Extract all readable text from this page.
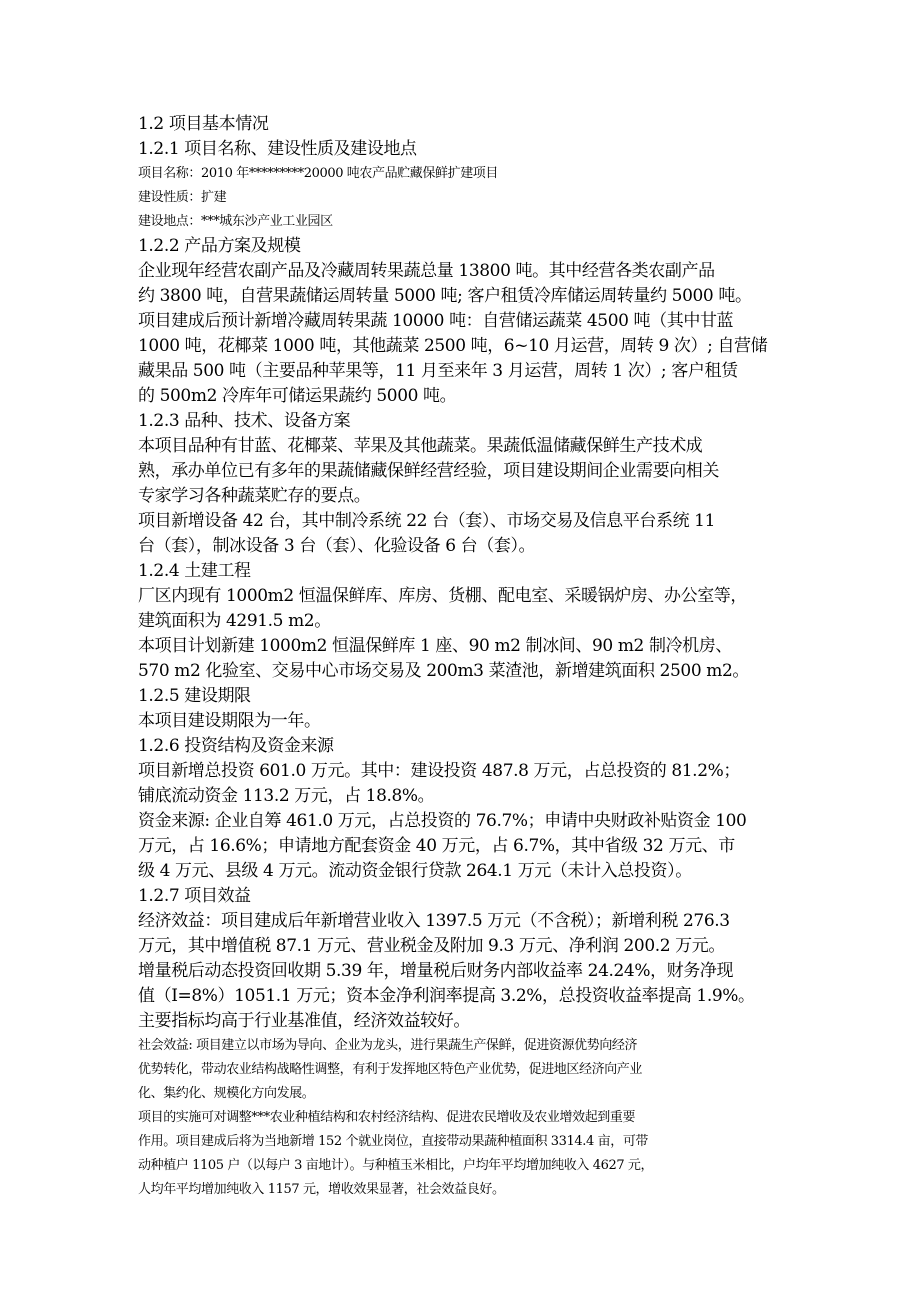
1.2 项目基本情况

1.2.1 项目名称、建设性质及建设地点

项目名称：2010 年*********20000 吨农产品贮藏保鲜扩建项目

建设性质：扩建

建设地点：***城东沙产业工业园区

1.2.2 产品方案及规模

企业现年经营农副产品及冷藏周转果蔬总量 13800 吨。其中经营各类农副产品

约 3800 吨，自营果蔬储运周转量 5000 吨; 客户租赁冷库储运周转量约 5000 吨。

项目建成后预计新增冷藏周转果蔬 10000 吨：自营储运蔬菜 4500 吨（其中甘蓝

1000 吨，花椰菜 1000 吨，其他蔬菜 2500 吨，6~10 月运营，周转 9 次）; 自营储

藏果品 500 吨（主要品种苹果等，11 月至来年 3 月运营，周转 1 次）; 客户租赁

的 500m2 冷库年可储运果蔬约 5000 吨。

1.2.3 品种、技术、设备方案

本项目品种有甘蓝、花椰菜、苹果及其他蔬菜。果蔬低温储藏保鲜生产技术成

熟，承办单位已有多年的果蔬储藏保鲜经营经验，项目建设期间企业需要向相关

专家学习各种蔬菜贮存的要点。

项目新增设备 42 台，其中制冷系统 22 台（套）、市场交易及信息平台系统 11

台（套），制冰设备 3 台（套）、化验设备 6 台（套）。

1.2.4 土建工程

厂区内现有 1000m2 恒温保鲜库、库房、货棚、配电室、采暖锅炉房、办公室等，

建筑面积为 4291.5 m2。

本项目计划新建 1000m2 恒温保鲜库 1 座、90 m2 制冰间、90 m2 制冷机房、

570 m2 化验室、交易中心市场交易及 200m3 菜渣池，新增建筑面积 2500 m2。

1.2.5 建设期限

本项目建设期限为一年。

1.2.6 投资结构及资金来源

项目新增总投资 601.0 万元。其中：建设投资 487.8 万元，占总投资的 81.2%；

铺底流动资金 113.2 万元，占 18.8%。

资金来源: 企业自筹 461.0 万元，占总投资的 76.7%；申请中央财政补贴资金 100

万元，占 16.6%；申请地方配套资金 40 万元，占 6.7%，其中省级 32 万元、市

级 4 万元、县级 4 万元。流动资金银行贷款 264.1 万元（未计入总投资）。

1.2.7 项目效益

经济效益：项目建成后年新增营业收入 1397.5 万元（不含税）；新增利税 276.3

万元，其中增值税 87.1 万元、营业税金及附加 9.3 万元、净利润 200.2 万元。

增量税后动态投资回收期 5.39 年，增量税后财务内部收益率 24.24%，财务净现

值（I=8%）1051.1 万元；资本金净利润率提高 3.2%，总投资收益率提高 1.9%。

主要指标均高于行业基准值，经济效益较好。

社会效益: 项目建立以市场为导向、企业为龙头，进行果蔬生产保鲜，促进资源优势向经济

优势转化，带动农业结构战略性调整，有利于发挥地区特色产业优势，促进地区经济向产业

化、集约化、规模化方向发展。

项目的实施可对调整***农业种植结构和农村经济结构、促进农民增收及农业增效起到重要

作用。项目建成后将为当地新增 152 个就业岗位，直接带动果蔬种植面积 3314.4 亩，可带

动种植户 1105 户（以每户 3 亩地计）。与种植玉米相比，户均年平均增加纯收入 4627 元，

人均年平均增加纯收入 1157 元，增收效果显著，社会效益良好。
